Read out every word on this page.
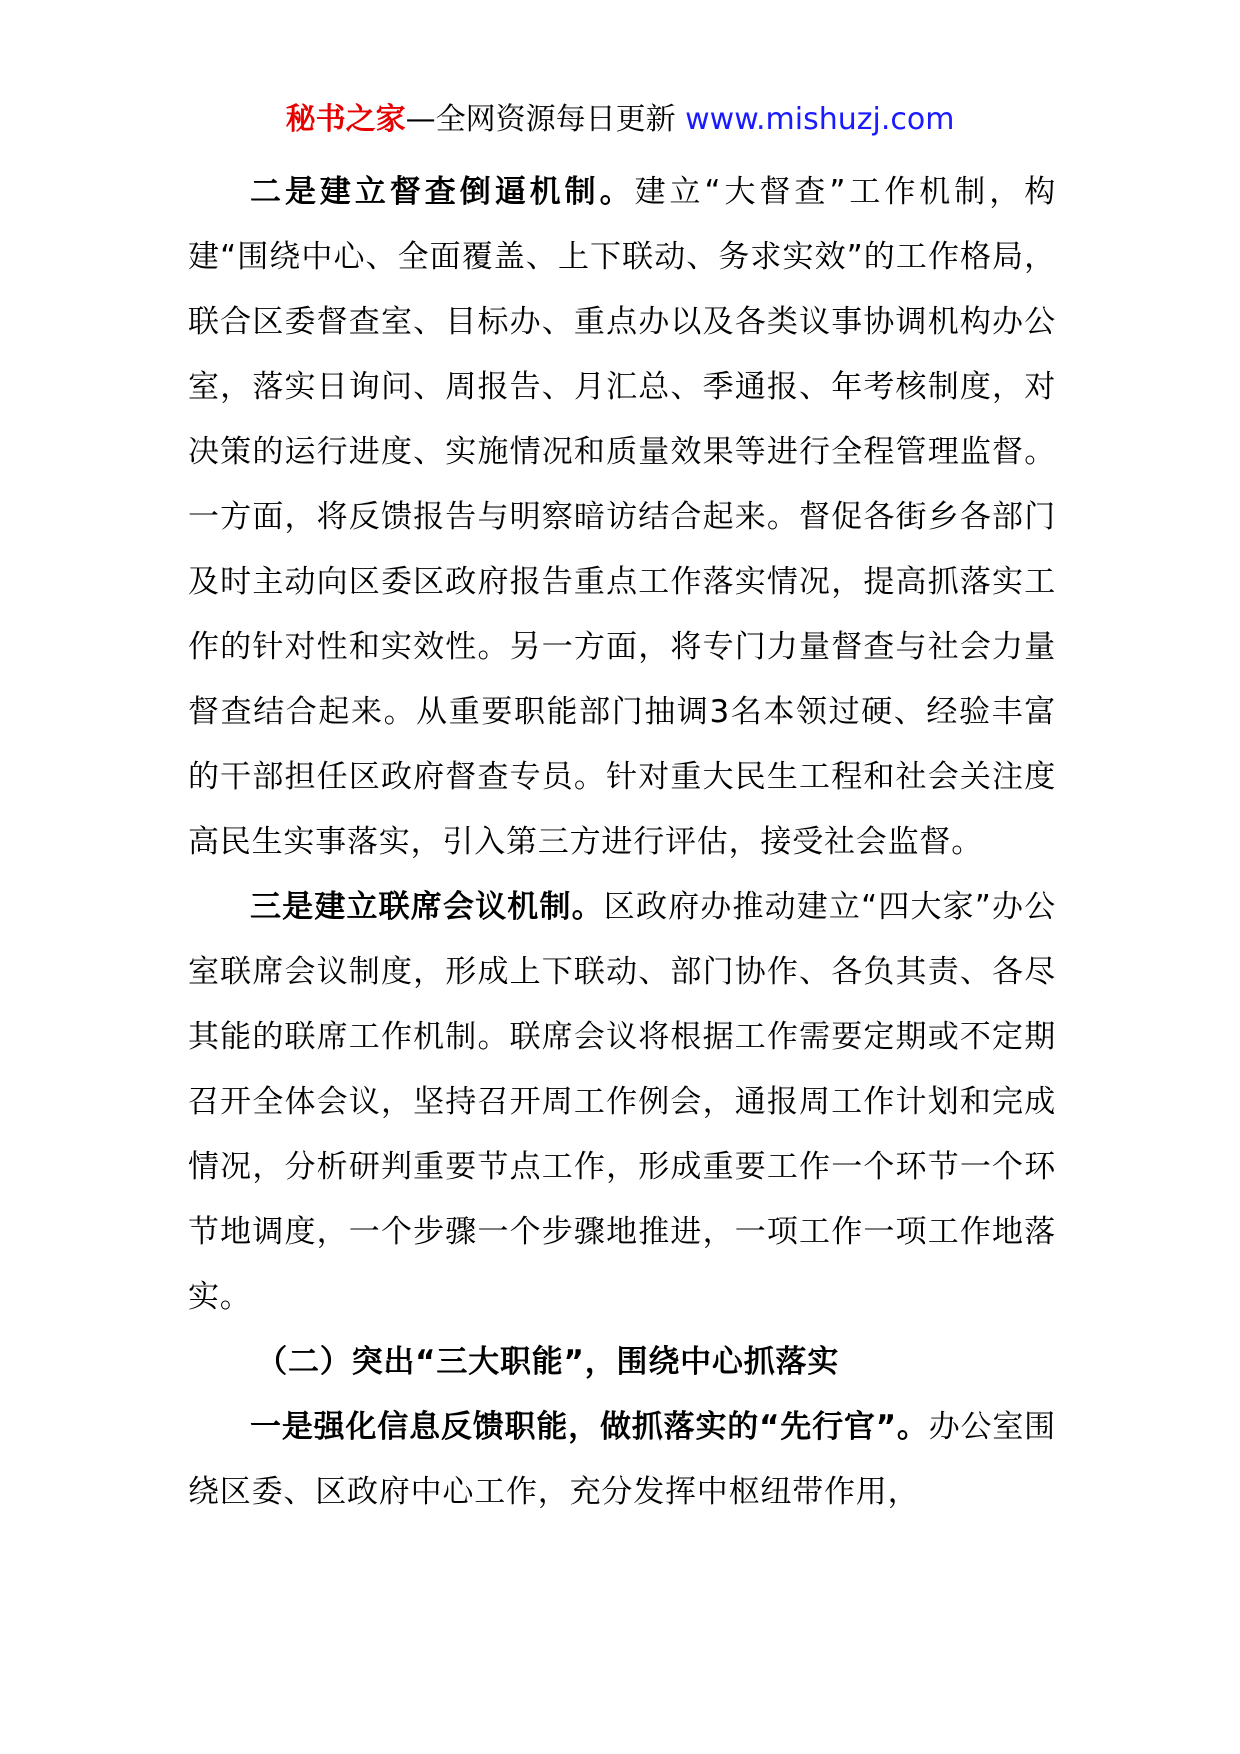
秘书之家—全网资源每日更新 www.mishuzj.com

二是建立督查倒逼机制。建立“大督查”工作机制，构建“围绕中心、全面覆盖、上下联动、务求实效”的工作格局，联合区委督查室、目标办、重点办以及各类议事协调机构办公室，落实日询问、周报告、月汇总、季通报、年考核制度，对决策的运行进度、实施情况和质量效果等进行全程管理监督。一方面，将反馈报告与明察暗访结合起来。督促各街乡各部门及时主动向区委区政府报告重点工作落实情况，提高抓落实工作的针对性和实效性。另一方面，将专门力量督查与社会力量督查结合起来。从重要职能部门抽调3名本领过硬、经验丰富的干部担任区政府督查专员。针对重大民生工程和社会关注度高民生实事落实，引入第三方进行评估，接受社会监督。

三是建立联席会议机制。区政府办推动建立“四大家”办公室联席会议制度，形成上下联动、部门协作、各负其责、各尽其能的联席工作机制。联席会议将根据工作需要定期或不定期召开全体会议，坚持召开周工作例会，通报周工作计划和完成情况，分析研判重要节点工作，形成重要工作一个环节一个环节地调度，一个步骤一个步骤地推进，一项工作一项工作地落实。

（二）突出“三大职能”，围绕中心抓落实

一是强化信息反馈职能，做抓落实的“先行官”。办公室围绕区委、区政府中心工作，充分发挥中枢纽带作用，
